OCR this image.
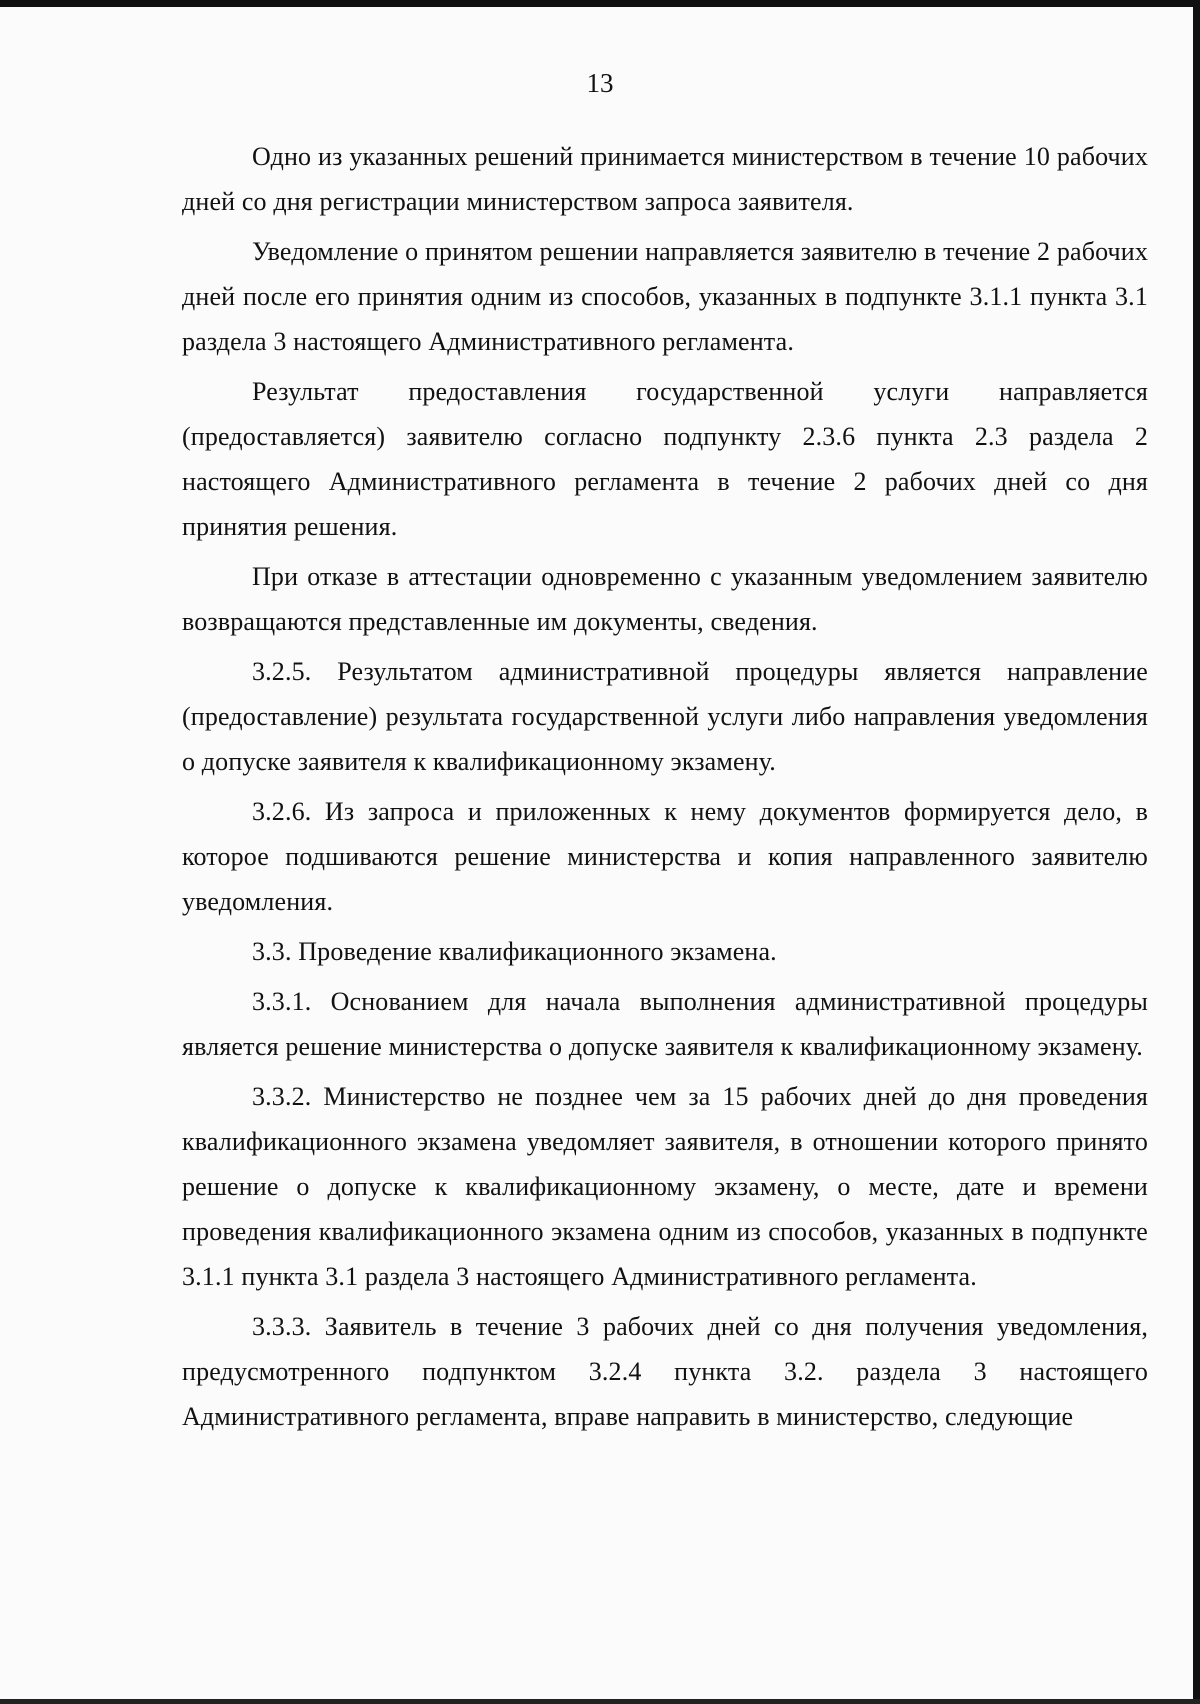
13

Одно из указанных решений принимается министерством в течение 10 рабочих дней со дня регистрации министерством запроса заявителя.

Уведомление о принятом решении направляется заявителю в течение 2 рабочих дней после его принятия одним из способов, указанных в подпункте 3.1.1 пункта 3.1 раздела 3 настоящего Административного регламента.

Результат предоставления государственной услуги направляется (предоставляется) заявителю согласно подпункту 2.3.6 пункта 2.3 раздела 2 настоящего Административного регламента в течение 2 рабочих дней со дня принятия решения.

При отказе в аттестации одновременно с указанным уведомлением заявителю возвращаются представленные им документы, сведения.

3.2.5. Результатом административной процедуры является направление (предоставление) результата государственной услуги либо направления уведомления о допуске заявителя к квалификационному экзамену.

3.2.6. Из запроса и приложенных к нему документов формируется дело, в которое подшиваются решение министерства и копия направленного заявителю уведомления.

3.3. Проведение квалификационного экзамена.

3.3.1. Основанием для начала выполнения административной процедуры является решение министерства о допуске заявителя к квалификационному экзамену.

3.3.2. Министерство не позднее чем за 15 рабочих дней до дня проведения квалификационного экзамена уведомляет заявителя, в отношении которого принято решение о допуске к квалификационному экзамену, о месте, дате и времени проведения квалификационного экзамена одним из способов, указанных в подпункте 3.1.1 пункта 3.1 раздела 3 настоящего Административного регламента.

3.3.3. Заявитель в течение 3 рабочих дней со дня получения уведомления, предусмотренного подпунктом 3.2.4 пункта 3.2. раздела 3 настоящего Административного регламента, вправе направить в министерство, следующие
